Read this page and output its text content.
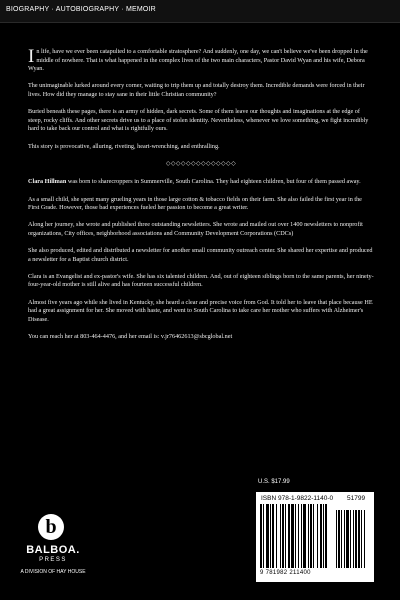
BIOGRAPHY · AUTOBIOGRAPHY · MEMOIR

In life, have we ever been catapulted to a comfortable stratosphere? And suddenly, one day, we can't believe we've been dropped in the middle of nowhere. That is what happened in the complex lives of the two main characters, Pastor David Wyan and his wife, Debora Wyan.

The unimaginable lurked around every corner, waiting to trip them up and totally destroy them. Incredible demands were forced in their lives. How did they manage to stay sane in their little Christian community?

Buried beneath these pages, there is an army of hidden, dark secrets. Some of them leave our thoughts and imaginations at the edge of steep, rocky cliffs. And other secrets drive us to a place of stolen identity. Nevertheless, whenever we love something, we fight incredibly hard to take back our control and what is rightfully ours.

This story is provocative, alluring, riveting, heart-wrenching, and enthralling.

◇◇◇◇◇◇◇◇◇◇◇◇◇◇

Clara Hillman was born to sharecroppers in Summerville, South Carolina. They had eighteen children, but four of them passed away.

As a small child, she spent many grueling years in those large cotton & tobacco fields on their farm. She also failed the first year in the First Grade. However, those bad experiences fueled her passion to become a great writer.

Along her journey, she wrote and published three outstanding newsletters. She wrote and mailed out over 1400 newsletters to nonprofit organizations, City offices, neighborhood associations and Community Development Corporations (CDCs)

She also produced, edited and distributed a newsletter for another small community outreach center. She shared her expertise and produced a newsletter for a Baptist church district.

Clara is an Evangelist and ex-pastor's wife. She has six talented children. And, out of eighteen siblings born to the same parents, her ninety-four-year-old mother is still alive and has fourteen successful children.

Almost five years ago while she lived in Kentucky, she heard a clear and precise voice from God. It told her to leave that place because HE had a great assignment for her. She moved with haste, and went to South Carolina to take care her mother who suffers with Alzheimer's Disease.

You can reach her at 803-464-4476, and her email is: v.jr76462613@sbcglobal.net

U.S. $17.99
ISBN 978-1-9822-1140-0 51799
9 781982 211400
b
BALBOA.
PRESS
A DIVISION OF HAY HOUSE
